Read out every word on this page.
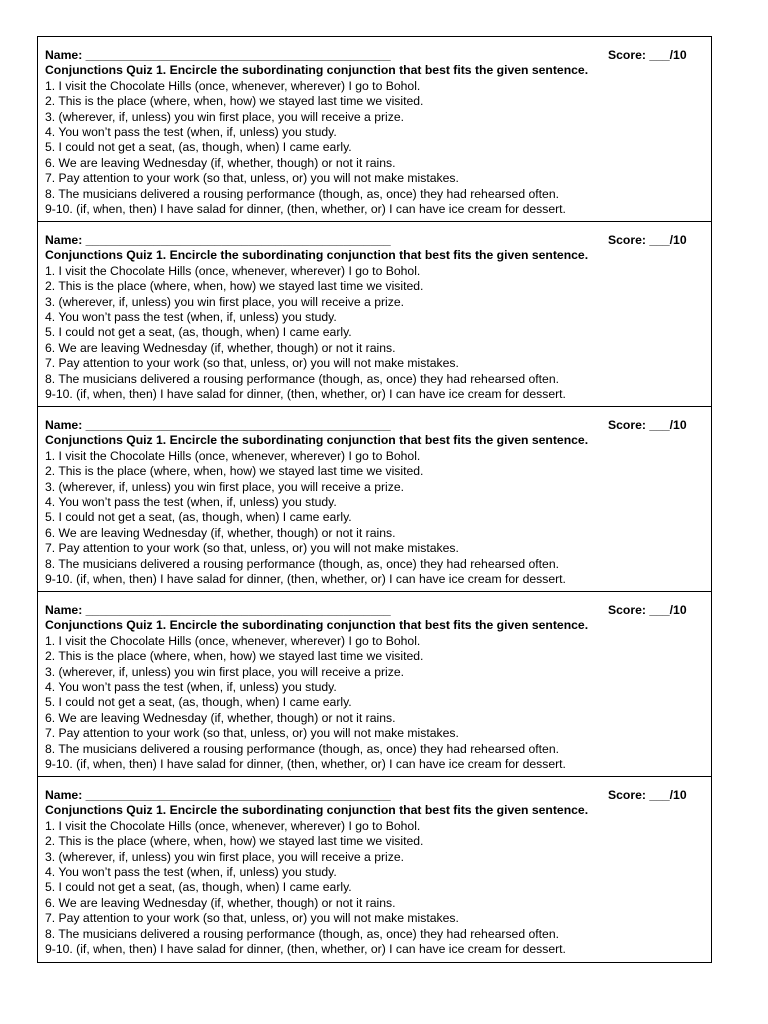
Name: _____________________________________________	Score: ___/10
Conjunctions Quiz 1. Encircle the subordinating conjunction that best fits the given sentence.
1. I visit the Chocolate Hills (once, whenever, wherever) I go to Bohol.
2. This is the place (where, when, how) we stayed last time we visited.
3. (wherever, if, unless) you win first place, you will receive a prize.
4. You won’t pass the test (when, if, unless) you study.
5. I could not get a seat, (as, though, when) I came early.
6. We are leaving Wednesday (if, whether, though) or not it rains.
7. Pay attention to your work (so that, unless, or) you will not make mistakes.
8. The musicians delivered a rousing performance (though, as, once) they had rehearsed often.
9-10. (if, when, then) I have salad for dinner, (then, whether, or) I can have ice cream for dessert.
Name: _____________________________________________	Score: ___/10
Conjunctions Quiz 1. Encircle the subordinating conjunction that best fits the given sentence.
1. I visit the Chocolate Hills (once, whenever, wherever) I go to Bohol.
2. This is the place (where, when, how) we stayed last time we visited.
3. (wherever, if, unless) you win first place, you will receive a prize.
4. You won’t pass the test (when, if, unless) you study.
5. I could not get a seat, (as, though, when) I came early.
6. We are leaving Wednesday (if, whether, though) or not it rains.
7. Pay attention to your work (so that, unless, or) you will not make mistakes.
8. The musicians delivered a rousing performance (though, as, once) they had rehearsed often.
9-10. (if, when, then) I have salad for dinner, (then, whether, or) I can have ice cream for dessert.
Name: _____________________________________________	Score: ___/10
Conjunctions Quiz 1. Encircle the subordinating conjunction that best fits the given sentence.
1. I visit the Chocolate Hills (once, whenever, wherever) I go to Bohol.
2. This is the place (where, when, how) we stayed last time we visited.
3. (wherever, if, unless) you win first place, you will receive a prize.
4. You won’t pass the test (when, if, unless) you study.
5. I could not get a seat, (as, though, when) I came early.
6. We are leaving Wednesday (if, whether, though) or not it rains.
7. Pay attention to your work (so that, unless, or) you will not make mistakes.
8. The musicians delivered a rousing performance (though, as, once) they had rehearsed often.
9-10. (if, when, then) I have salad for dinner, (then, whether, or) I can have ice cream for dessert.
Name: _____________________________________________	Score: ___/10
Conjunctions Quiz 1. Encircle the subordinating conjunction that best fits the given sentence.
1. I visit the Chocolate Hills (once, whenever, wherever) I go to Bohol.
2. This is the place (where, when, how) we stayed last time we visited.
3. (wherever, if, unless) you win first place, you will receive a prize.
4. You won’t pass the test (when, if, unless) you study.
5. I could not get a seat, (as, though, when) I came early.
6. We are leaving Wednesday (if, whether, though) or not it rains.
7. Pay attention to your work (so that, unless, or) you will not make mistakes.
8. The musicians delivered a rousing performance (though, as, once) they had rehearsed often.
9-10. (if, when, then) I have salad for dinner, (then, whether, or) I can have ice cream for dessert.
Name: _____________________________________________	Score: ___/10
Conjunctions Quiz 1. Encircle the subordinating conjunction that best fits the given sentence.
1. I visit the Chocolate Hills (once, whenever, wherever) I go to Bohol.
2. This is the place (where, when, how) we stayed last time we visited.
3. (wherever, if, unless) you win first place, you will receive a prize.
4. You won’t pass the test (when, if, unless) you study.
5. I could not get a seat, (as, though, when) I came early.
6. We are leaving Wednesday (if, whether, though) or not it rains.
7. Pay attention to your work (so that, unless, or) you will not make mistakes.
8. The musicians delivered a rousing performance (though, as, once) they had rehearsed often.
9-10. (if, when, then) I have salad for dinner, (then, whether, or) I can have ice cream for dessert.
